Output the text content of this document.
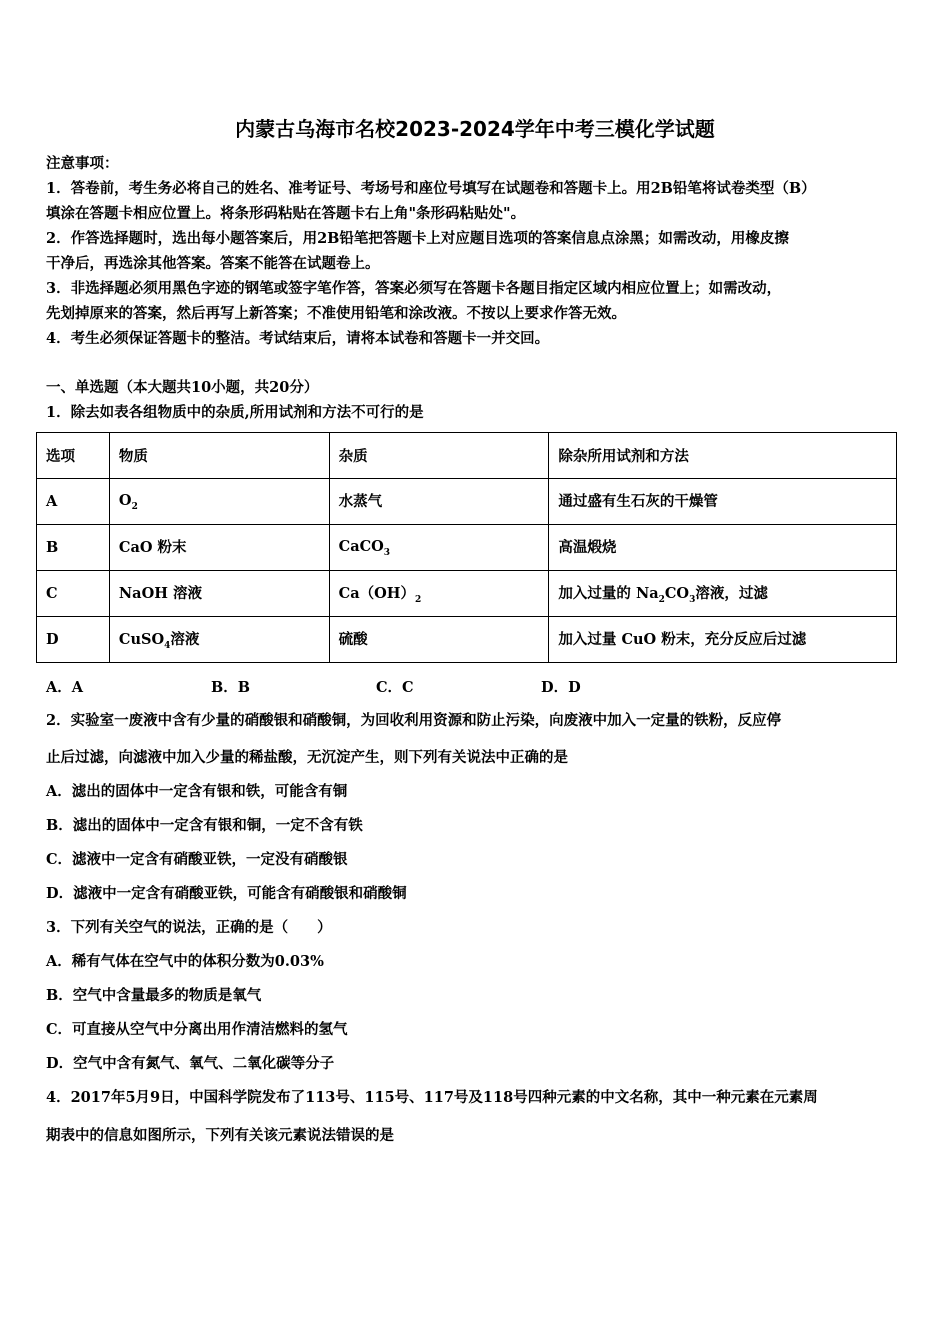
内蒙古乌海市名校2023-2024学年中考三模化学试题
注意事项：
1．答卷前，考生务必将自己的姓名、准考证号、考场号和座位号填写在试题卷和答题卡上。用2B铅笔将试卷类型（B）
填涂在答题卡相应位置上。将条形码粘贴在答题卡右上角"条形码粘贴处"。
2．作答选择题时，选出每小题答案后，用2B铅笔把答题卡上对应题目选项的答案信息点涂黑；如需改动，用橡皮擦
干净后，再选涂其他答案。答案不能答在试题卷上。
3．非选择题必须用黑色字迹的钢笔或签字笔作答，答案必须写在答题卡各题目指定区域内相应位置上；如需改动，
先划掉原来的答案，然后再写上新答案；不准使用铅笔和涂改液。不按以上要求作答无效。
4．考生必须保证答题卡的整洁。考试结束后，请将本试卷和答题卡一并交回。
一、单选题（本大题共10小题，共20分）
1．除去如表各组物质中的杂质,所用试剂和方法不可行的是
选项	物质	杂质	除杂所用试剂和方法
A	$O_2$	水蒸气	通过盛有生石灰的干燥管
B	CaO 粉末	CaCO$_3$	高温煅烧
C	NaOH 溶液	$Ca(OH)_2$	加入过量的 $Na_2CO_3$溶液，过滤
D	CuSO$_4$溶液	硫酸	加入过量 CuO 粉末，充分反应后过滤
A．A	B．B	C．C	D．D
2．实验室一废液中含有少量的硝酸银和硝酸铜，为回收利用资源和防止污染，向废液中加入一定量的铁粉，反应停
止后过滤，向滤液中加入少量的稀盐酸，无沉淀产生，则下列有关说法中正确的是
A．滤出的固体中一定含有银和铁，可能含有铜
B．滤出的固体中一定含有银和铜，一定不含有铁
C．滤液中一定含有硝酸亚铁，一定没有硝酸银
D．滤液中一定含有硝酸亚铁，可能含有硝酸银和硝酸铜
3．下列有关空气的说法，正确的是（　　）
A．稀有气体在空气中的体积分数为0.03%
B．空气中含量最多的物质是氧气
C．可直接从空气中分离出用作清洁燃料的氢气
D．空气中含有氮气、氧气、二氧化碳等分子
4．2017年5月9日，中国科学院发布了113号、115号、117号及118号四种元素的中文名称，其中一种元素在元素周
期表中的信息如图所示，下列有关该元素说法错误的是
